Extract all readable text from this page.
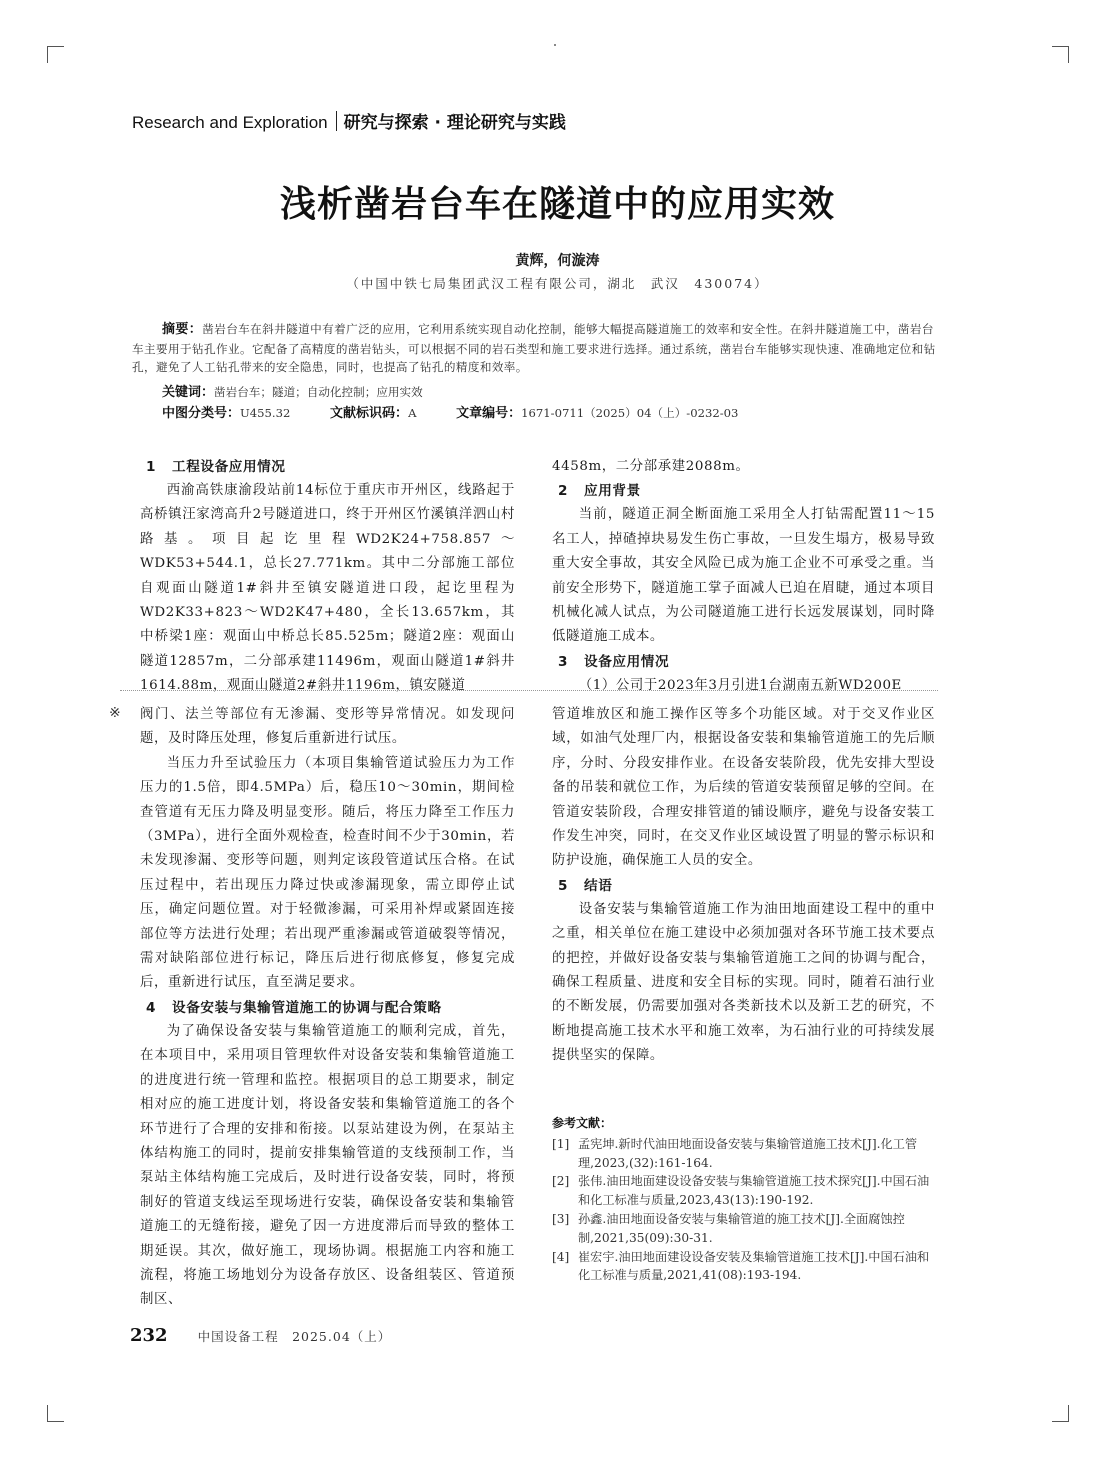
Research and Exploration 研究与探索 · 理论研究与实践
浅析凿岩台车在隧道中的应用实效
黄辉，何漩涛
（中国中铁七局集团武汉工程有限公司，湖北　武汉　430074）
摘要：凿岩台车在斜井隧道中有着广泛的应用，它利用系统实现自动化控制，能够大幅提高隧道施工的效率和安全性。在斜井隧道施工中，凿岩台车主要用于钻孔作业。它配备了高精度的凿岩钻头，可以根据不同的岩石类型和施工要求进行选择。通过系统，凿岩台车能够实现快速、准确地定位和钻孔，避免了人工钻孔带来的安全隐患，同时，也提高了钻孔的精度和效率。
关键词：凿岩台车；隧道；自动化控制；应用实效
中图分类号：U455.32	文献标识码：A	文章编号：1671-0711（2025）04（上）-0232-03
1 工程设备应用情况

西渝高铁康渝段站前14标位于重庆市开州区，线路起于高桥镇汪家湾高升2号隧道进口，终于开州区竹溪镇洋泗山村路基。项目起讫里程WD2K24+758.857～WDK53+544.1，总长27.771km。其中二分部施工部位自观面山隧道1#斜井至镇安隧道进口段，起讫里程为WD2K33+823～WD2K47+480，全长13.657km，其中桥梁1座：观面山中桥总长85.525m；隧道2座：观面山隧道12857m，二分部承建11496m，观面山隧道1#斜井1614.88m，观面山隧道2#斜井1196m，镇安隧道

4458m，二分部承建2088m。

2 应用背景

当前，隧道正洞全断面施工采用全人打钻需配置11～15名工人，掉碴掉块易发生伤亡事故，一旦发生塌方，极易导致重大安全事故，其安全风险已成为施工企业不可承受之重。当前安全形势下，隧道施工掌子面减人已迫在眉睫，通过本项目机械化减人试点，为公司隧道施工进行长远发展谋划，同时降低隧道施工成本。

3 设备应用情况

（1）公司于2023年3月引进1台湖南五新WD200E

※ 阀门、法兰等部位有无渗漏、变形等异常情况。如发现问题，及时降压处理，修复后重新进行试压。

当压力升至试验压力（本项目集输管道试验压力为工作压力的1.5倍，即4.5MPa）后，稳压10～30min，期间检查管道有无压力降及明显变形。随后，将压力降至工作压力（3MPa），进行全面外观检查，检查时间不少于30min，若未发现渗漏、变形等问题，则判定该段管道试压合格。在试压过程中，若出现压力降过快或渗漏现象，需立即停止试压，确定问题位置。对于轻微渗漏，可采用补焊或紧固连接部位等方法进行处理；若出现严重渗漏或管道破裂等情况，需对缺陷部位进行标记，降压后进行彻底修复，修复完成后，重新进行试压，直至满足要求。

4 设备安装与集输管道施工的协调与配合策略

为了确保设备安装与集输管道施工的顺利完成，首先，在本项目中，采用项目管理软件对设备安装和集输管道施工的进度进行统一管理和监控。根据项目的总工期要求，制定相对应的施工进度计划，将设备安装和集输管道施工的各个环节进行了合理的安排和衔接。以泵站建设为例，在泵站主体结构施工的同时，提前安排集输管道的支线预制工作，当泵站主体结构施工完成后，及时进行设备安装，同时，将预制好的管道支线运至现场进行安装，确保设备安装和集输管道施工的无缝衔接，避免了因一方进度滞后而导致的整体工期延误。其次，做好施工，现场协调。根据施工内容和施工流程，将施工场地划分为设备存放区、设备组装区、管道预制区、

管道堆放区和施工操作区等多个功能区域。对于交叉作业区域，如油气处理厂内，根据设备安装和集输管道施工的先后顺序，分时、分段安排作业。在设备安装阶段，优先安排大型设备的吊装和就位工作，为后续的管道安装预留足够的空间。在管道安装阶段，合理安排管道的铺设顺序，避免与设备安装工作发生冲突，同时，在交叉作业区域设置了明显的警示标识和防护设施，确保施工人员的安全。

5 结语

设备安装与集输管道施工作为油田地面建设工程中的重中之重，相关单位在施工建设中必须加强对各环节施工技术要点的把控，并做好设备安装与集输管道施工之间的协调与配合，确保工程质量、进度和安全目标的实现。同时，随着石油行业的不断发展，仍需要加强对各类新技术以及新工艺的研究，不断地提高施工技术水平和施工效率，为石油行业的可持续发展提供坚实的保障。

参考文献：
[1] 孟宪坤.新时代油田地面设备安装与集输管道施工技术[J].化工管理,2023,(32):161-164.
[2] 张伟.油田地面建设设备安装与集输管道施工技术探究[J].中国石油和化工标准与质量,2023,43(13):190-192.
[3] 孙鑫.油田地面设备安装与集输管道的施工技术[J].全面腐蚀控制,2021,35(09):30-31.
[4] 崔宏宇.油田地面建设设备安装及集输管道施工技术[J].中国石油和化工标准与质量,2021,41(08):193-194.
232 中国设备工程　2025.04（上）
